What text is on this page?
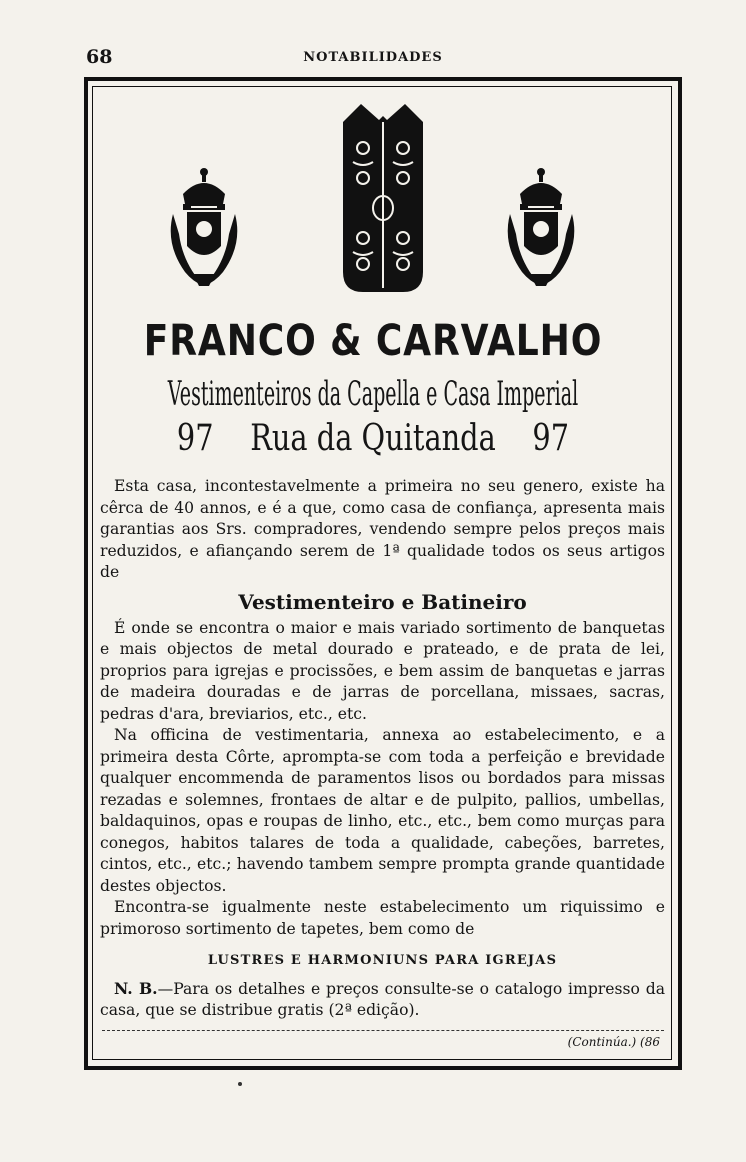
68	NOTABILIDADES
FRANCO & CARVALHO
Vestimenteiros da Capella e Casa Imperial
97 Rua da Quitanda 97

Esta casa, incontestavelmente a primeira no seu genero, existe ha cêrca de 40 annos, e é a que, como casa de confiança, apresenta mais garantias aos Srs. compradores, vendendo sempre pelos preços mais reduzidos, e afiançando serem de 1ª qualidade todos os seus artigos de

Vestimenteiro e Batineiro

É onde se encontra o maior e mais variado sortimento de banquetas e mais objectos de metal dourado e prateado, e de prata de lei, proprios para igrejas e procissões, e bem assim de banquetas e jarras de madeira douradas e de jarras de porcellana, missaes, sacras, pedras d'ara, breviarios, etc., etc.

Na officina de vestimentaria, annexa ao estabelecimento, e a primeira desta Côrte, apromptа-se com toda a perfeição e brevidade qualquer encommenda de paramentos lisos ou bordados para missas rezadas e solemnes, frontaes de altar e de pulpito, pallios, umbellas, baldaquinos, opas e roupas de linho, etc., etc., bem como murças para conegos, habitos talares de toda a qualidade, cabeções, barretes, cintos, etc., etc.; havendo tambem sempre prompta grande quantidade destes objectos.

Encontra-se igualmente neste estabelecimento um riquissimo e primoroso sortimento de tapetes, bem como de

LUSTRES E HARMONIUNS PARA IGREJAS

N. B.—Para os detalhes e preços consulte-se o catalogo impresso da casa, que se distribue gratis (2ª edição).

(Continúa.) (86
